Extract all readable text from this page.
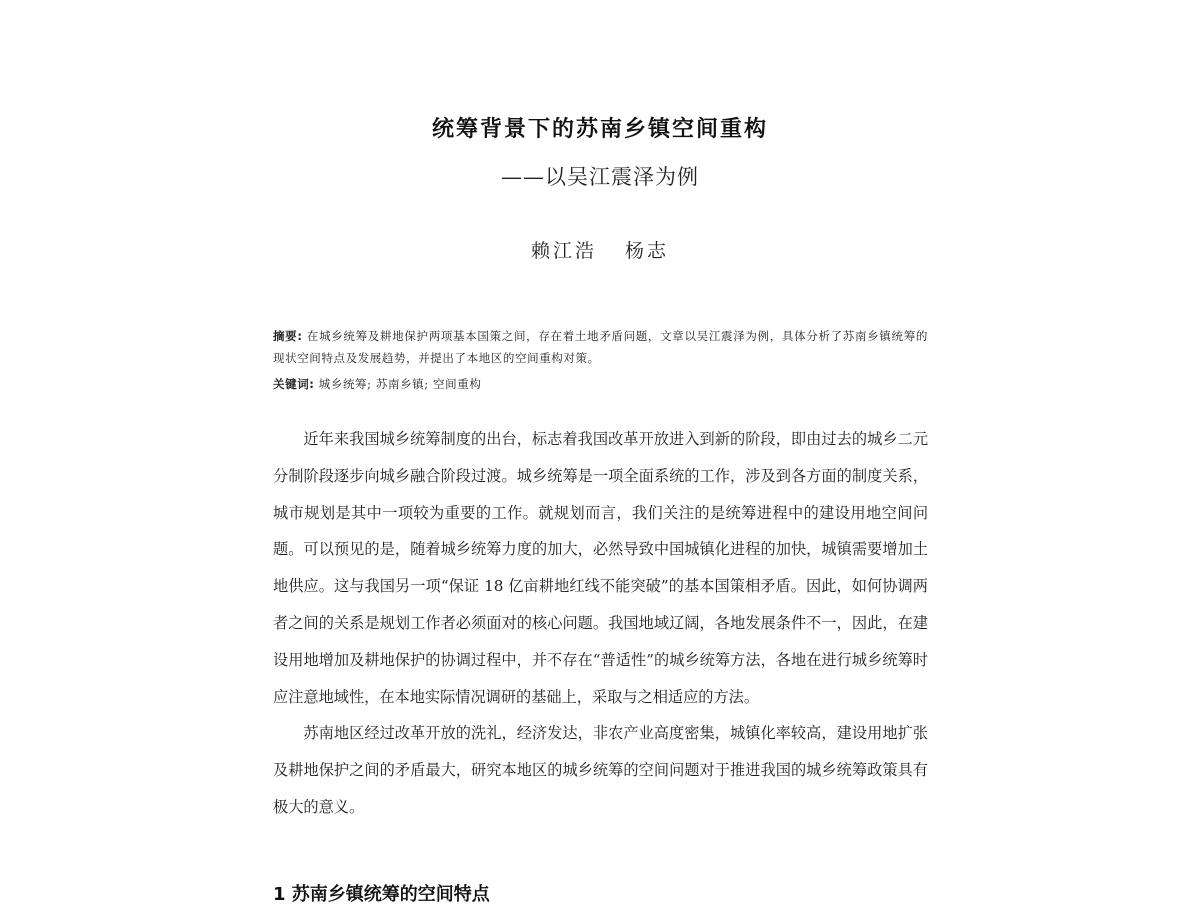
统筹背景下的苏南乡镇空间重构
——以吴江震泽为例
赖江浩 杨志
摘要: 在城乡统筹及耕地保护两项基本国策之间，存在着土地矛盾问题，文章以吴江震泽为例，具体分析了苏南乡镇统筹的现状空间特点及发展趋势，并提出了本地区的空间重构对策。
关键词: 城乡统筹; 苏南乡镇; 空间重构

近年来我国城乡统筹制度的出台，标志着我国改革开放进入到新的阶段，即由过去的城乡二元分制阶段逐步向城乡融合阶段过渡。城乡统筹是一项全面系统的工作，涉及到各方面的制度关系，城市规划是其中一项较为重要的工作。就规划而言，我们关注的是统筹进程中的建设用地空间问题。可以预见的是，随着城乡统筹力度的加大，必然导致中国城镇化进程的加快，城镇需要增加土地供应。这与我国另一项“保证 18 亿亩耕地红线不能突破”的基本国策相矛盾。因此，如何协调两者之间的关系是规划工作者必须面对的核心问题。我国地域辽阔，各地发展条件不一，因此，在建设用地增加及耕地保护的协调过程中，并不存在“普适性”的城乡统筹方法，各地在进行城乡统筹时应注意地域性，在本地实际情况调研的基础上，采取与之相适应的方法。

苏南地区经过改革开放的洗礼，经济发达，非农产业高度密集，城镇化率较高，建设用地扩张及耕地保护之间的矛盾最大，研究本地区的城乡统筹的空间问题对于推进我国的城乡统筹政策具有极大的意义。

1 苏南乡镇统筹的空间特点
